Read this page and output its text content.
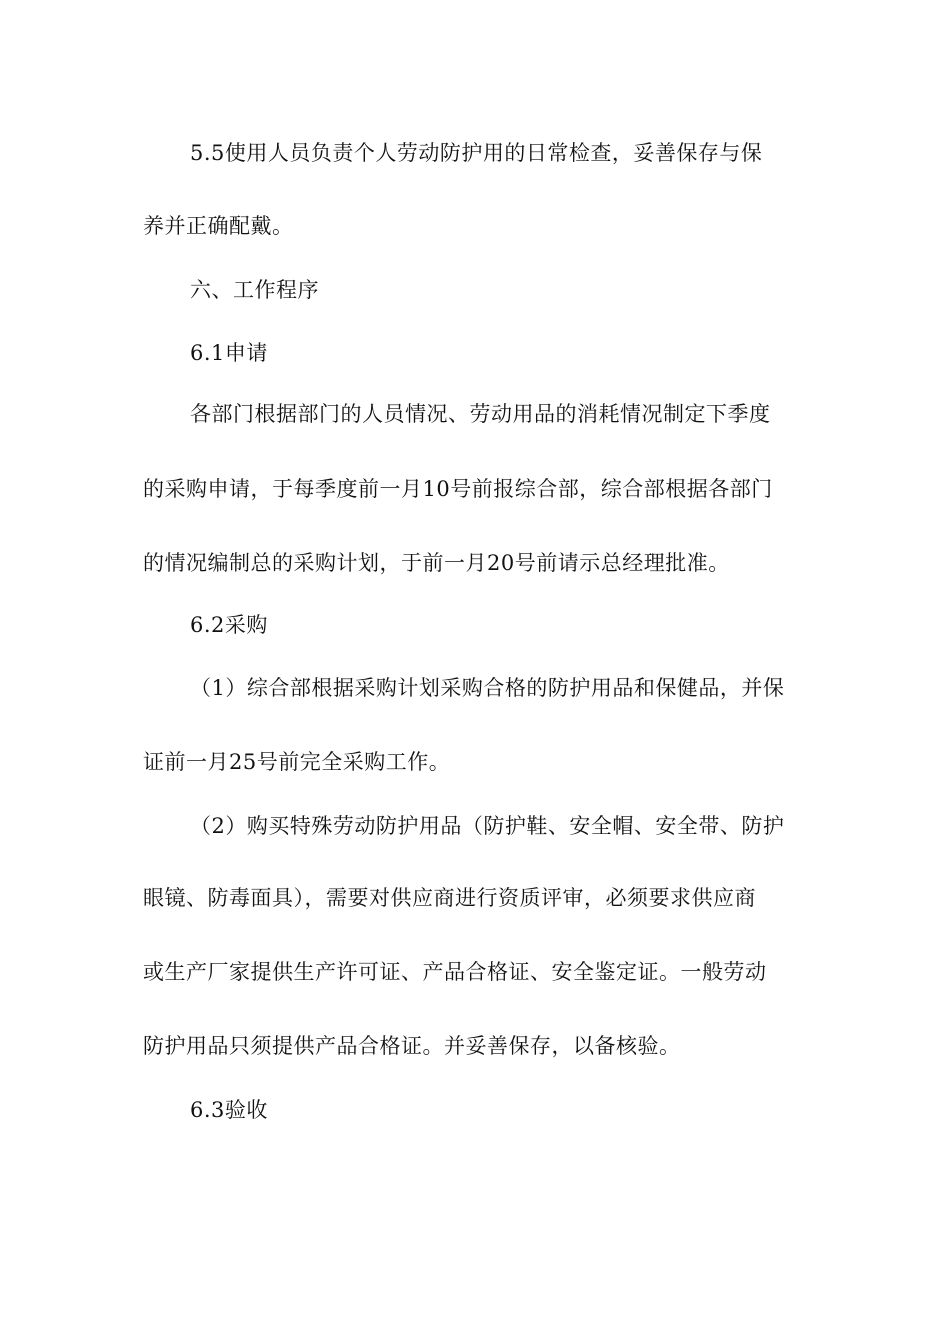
5.5使用人员负责个人劳动防护用的日常检查，妥善保存与保
养并正确配戴。
六、工作程序
6.1申请
各部门根据部门的人员情况、劳动用品的消耗情况制定下季度
的采购申请，于每季度前一月10号前报综合部，综合部根据各部门
的情况编制总的采购计划，于前一月20号前请示总经理批准。
6.2采购
（1）综合部根据采购计划采购合格的防护用品和保健品，并保
证前一月25号前完全采购工作。
（2）购买特殊劳动防护用品（防护鞋、安全帽、安全带、防护
眼镜、防毒面具），需要对供应商进行资质评审，必须要求供应商
或生产厂家提供生产许可证、产品合格证、安全鉴定证。一般劳动
防护用品只须提供产品合格证。并妥善保存，以备核验。
6.3验收
